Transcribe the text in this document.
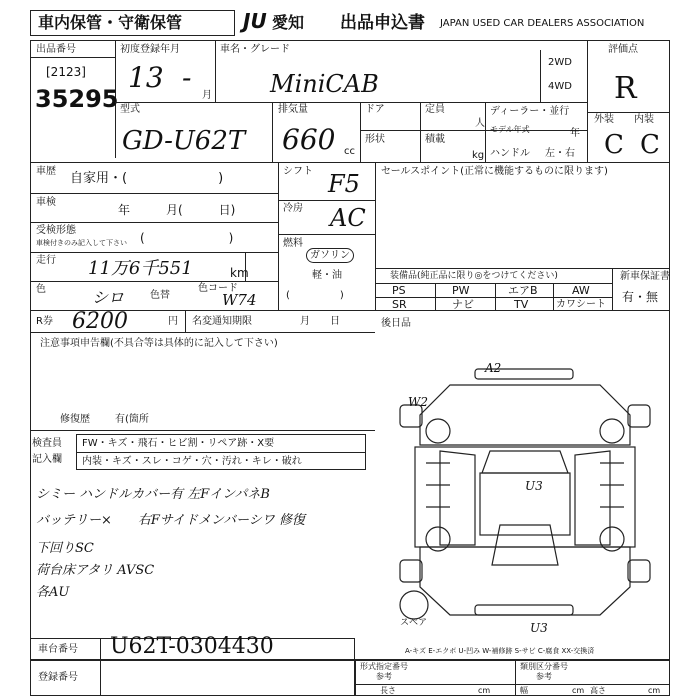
車内保管・守衛保管	JU 愛知 出品申込書 JAPAN USED CAR DEALERS ASSOCIATION
出品番号
[2123]
35295
初度登録年月
13 -
月
車名・グレード
MiniCAB
2WD
4WD
評価点
R
外装 内装
C C
型式
GD-U62T
排気量
660 cc
ドア
形状
定員
人
積載
kg
ディーラー・並行
モデル年式	年
ハンドル 左・右
車歴 自家用・(　　　　　　　)
車検
年　　　月(　　　日)
受検形態
車検付きのみ記入して下さい (　　　　　　　)
走行 11万6千551	km
色	シロ	色替
色コード
W74
シフト F5
冷房 AC
燃料
ガソリン
軽・油
(　　　　　)
セールスポイント(正常に機能するものに限ります)
装備品(純正品に限り◎をつけてください)	新車保証書
有・無
PS	PW	エアB	AW
SR	ナビ	TV	カワシート
R券 6200	円 名変通知期限	月　　日	後日品
注意事項申告欄(不具合等は具体的に記入して下さい)
修復歴	有(箇所
検査員
記入欄
FW・キズ・飛石・ヒビ割・リペア跡・X要
内装・キズ・スレ・コゲ・穴・汚れ・キレ・破れ
シミー ハンドルカバー有 左FインパネB
バッテリー×　　右Fサイドメンバーシワ 修復
下回りSC
荷台床アタリ AVSC
各AU
A2
W2
U3
U3
スペア
A-キズ E-エクボ U-凹み W-補修跡 S-サビ C-腐食 XX-交換済
車台番号 U62T-0304430
登録番号
形式指定番号
参考
類別区分番号
参考
長さ	cm	幅	cm 高さ	cm
